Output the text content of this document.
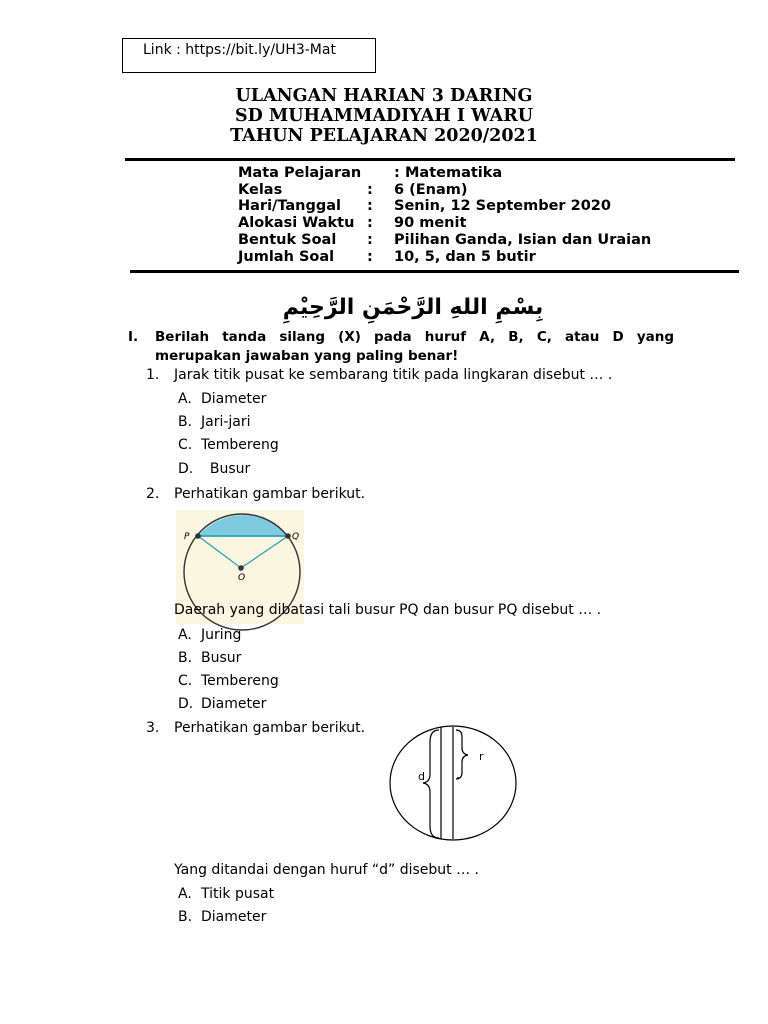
Link : https://bit.ly/UH3-Mat
ULANGAN HARIAN 3 DARING
SD MUHAMMADIYAH I WARU
TAHUN PELAJARAN 2020/2021
Mata Pelajaran : Matematika
Kelas	: 6 (Enam)
Hari/Tanggal : Senin, 12 September 2020
Alokasi Waktu : 90 menit
Bentuk Soal : Pilihan Ganda, Isian dan Uraian
Jumlah Soal : 10, 5, dan 5 butir
بِسْمِ اللهِ الرَّحْمَنِ الرَّحِيْمِ
I. Berilah tanda silang (X) pada huruf A, B, C, atau D yang
merupakan jawaban yang paling benar!
1. Jarak titik pusat ke sembarang titik pada lingkaran disebut … .
A. Diameter
B. Jari-jari
C. Tembereng
D. Busur
2. Perhatikan gambar berikut.
P	Q
O
Daerah yang dibatasi tali busur PQ dan busur PQ disebut … .
A. Juring
B. Busur
C. Tembereng
D. Diameter
3. Perhatikan gambar berikut.
d
r
Yang ditandai dengan huruf “d” disebut … .
A. Titik pusat
B. Diameter
